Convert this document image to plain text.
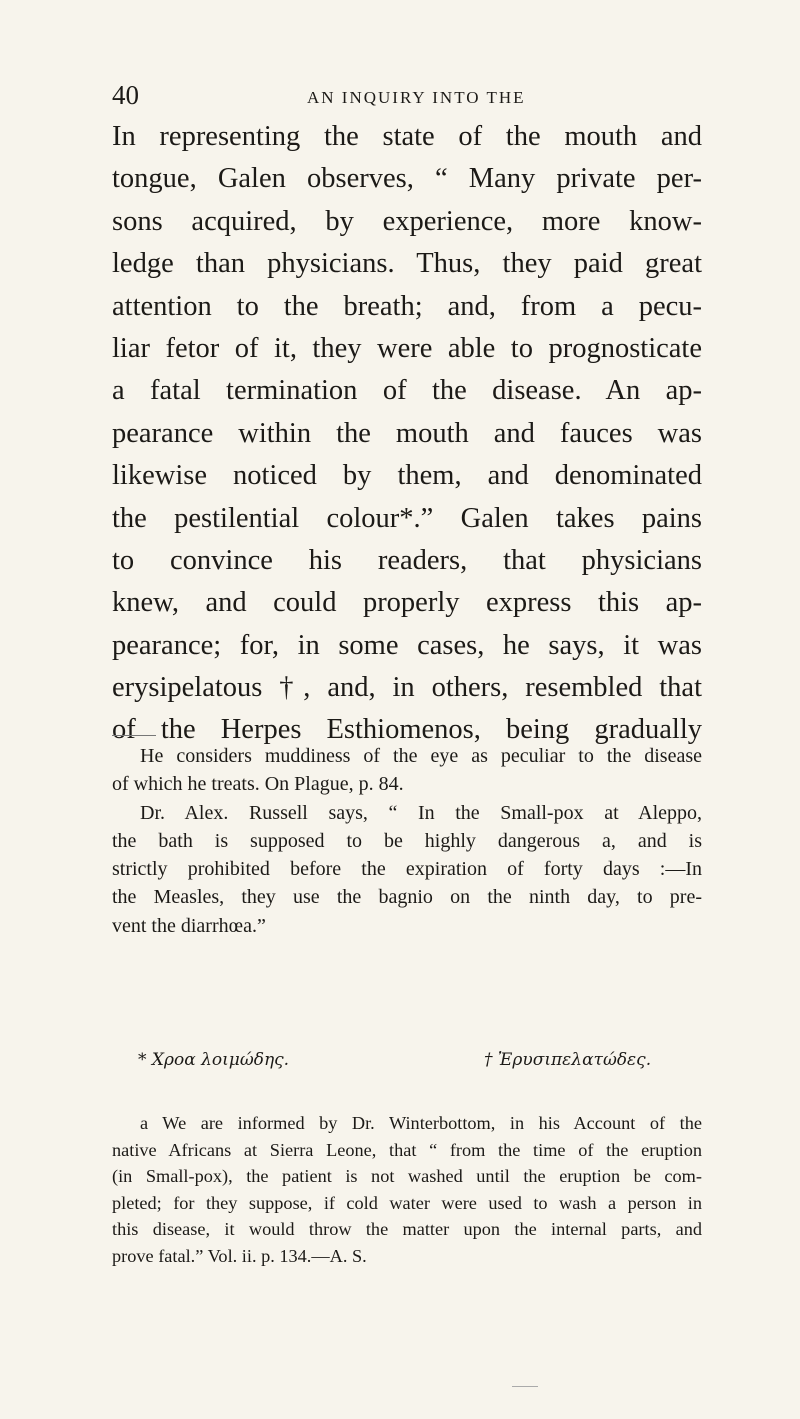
40	AN INQUIRY INTO THE
In representing the state of the mouth and
tongue, Galen observes, “ Many private per-
sons acquired, by experience, more know-
ledge than physicians. Thus, they paid great
attention to the breath; and, from a pecu-
liar fetor of it, they were able to prognosticate
a fatal termination of the disease. An ap-
pearance within the mouth and fauces was
likewise noticed by them, and denominated
the pestilential colour*.” Galen takes pains
to convince his readers, that physicians
knew, and could properly express this ap-
pearance; for, in some cases, he says, it was
erysipelatous †, and, in others, resembled that
of the Herpes Esthiomenos, being gradually
He considers muddiness of the eye as peculiar to the disease
of which he treats. On Plague, p. 84.
Dr. Alex. Russell says, “ In the Small-pox at Aleppo,
the bath is supposed to be highly dangerous a, and is
strictly prohibited before the expiration of forty days :—In
the Measles, they use the bagnio on the ninth day, to pre-
vent the diarrhœa.”
* Χροα λοιμώδης.	† Ἐρυσιπελατώδες.
a We are informed by Dr. Winterbottom, in his Account of the
native Africans at Sierra Leone, that “ from the time of the eruption
(in Small-pox), the patient is not washed until the eruption be com-
pleted; for they suppose, if cold water were used to wash a person in
this disease, it would throw the matter upon the internal parts, and
prove fatal.” Vol. ii. p. 134.—A. S.
